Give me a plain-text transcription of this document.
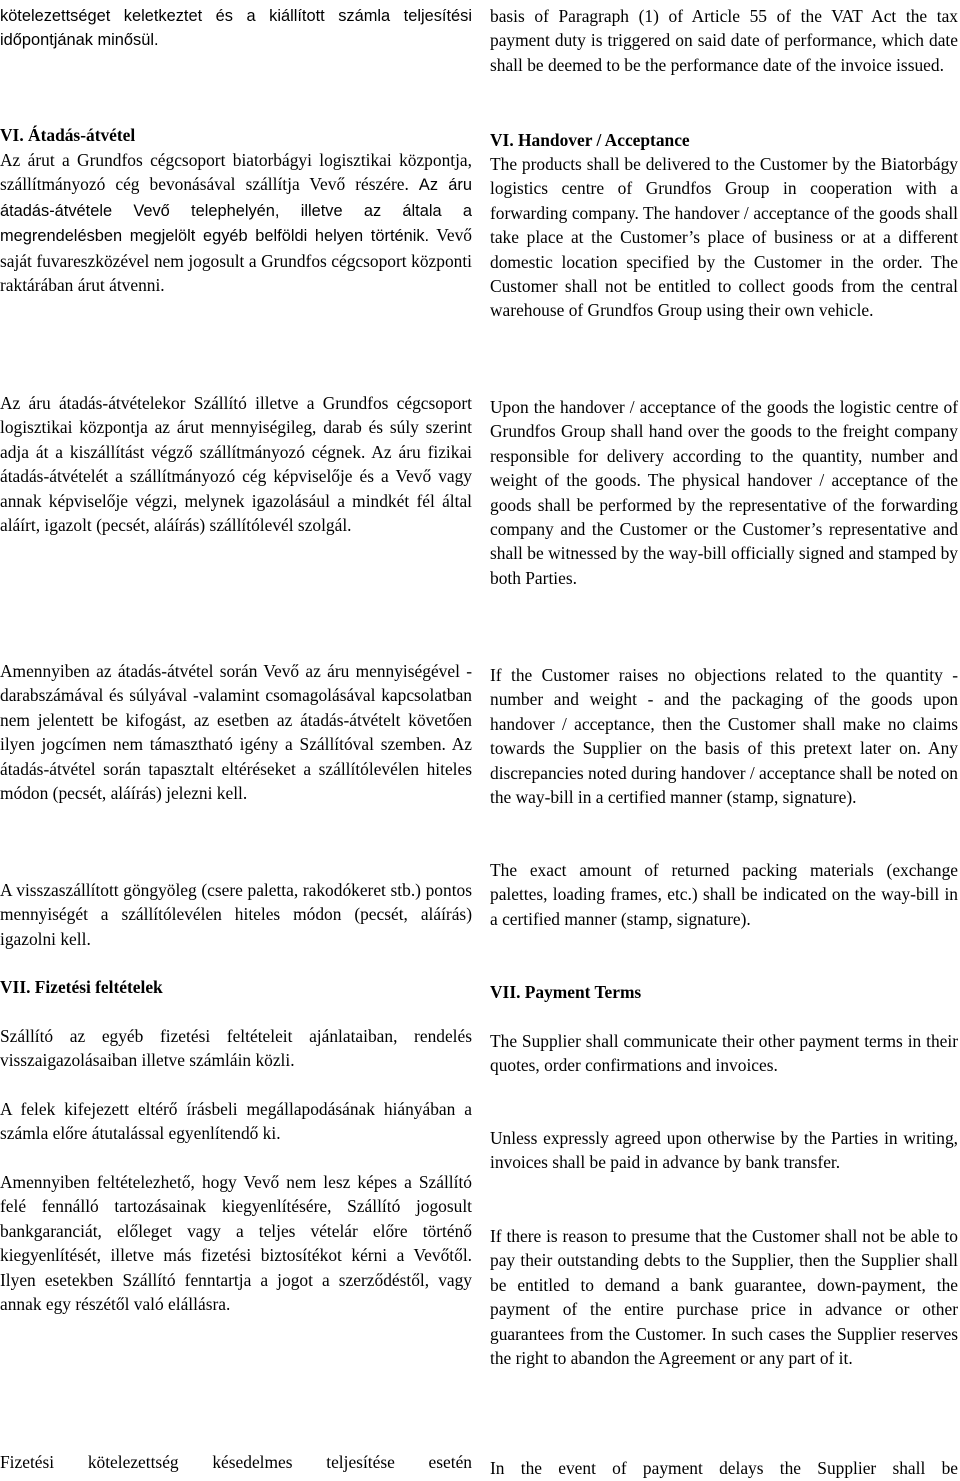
kötelezettséget keletkeztet és a kiállított számla teljesítési időpontjának minősül.

VI. Átadás-átvétel

Az árut a Grundfos cégcsoport biatorbágyi logisztikai központja, szállítmányozó cég bevonásával szállítja Vevő részére. Az áru átadás-átvétele Vevő telephelyén, illetve az általa a megrendelésben megjelölt egyéb belföldi helyen történik. Vevő saját fuvareszközével nem jogosult a Grundfos cégcsoport központi raktárában árut átvenni.

Az áru átadás-átvételekor Szállító illetve a Grundfos cégcsoport logisztikai központja az árut mennyiségileg, darab és súly szerint adja át a kiszállítást végző szállítmányozó cégnek. Az áru fizikai átadás-átvételét a szállítmányozó cég képviselője és a Vevő vagy annak képviselője végzi, melynek igazolásául a mindkét fél által aláírt, igazolt (pecsét, aláírás) szállítólevél szolgál.

Amennyiben az átadás-átvétel során Vevő az áru mennyiségével - darabszámával és súlyával -valamint csomagolásával kapcsolatban nem jelentett be kifogást, az esetben az átadás-átvételt követően ilyen jogcímen nem támasztható igény a Szállítóval szemben. Az átadás-átvétel során tapasztalt eltéréseket a szállítólevélen hiteles módon (pecsét, aláírás) jelezni kell.

A visszaszállított göngyöleg (csere paletta, rakodókeret stb.) pontos mennyiségét a szállítólevélen hiteles módon (pecsét, aláírás) igazolni kell.

VII. Fizetési feltételek

Szállító az egyéb fizetési feltételeit ajánlataiban, rendelés visszaigazolásaiban illetve számláin közli.

A felek kifejezett eltérő írásbeli megállapodásának hiányában a számla előre átutalással egyenlítendő ki.

Amennyiben feltételezhető, hogy Vevő nem lesz képes a Szállító felé fennálló tartozásainak kiegyenlítésére, Szállító jogosult bankgaranciát, előleget vagy a teljes vételár előre történő kiegyenlítését, illetve más fizetési biztosítékot kérni a Vevőtől. Ilyen esetekben Szállító fenntartja a jogot a szerződéstől, vagy annak egy részétől való elállásra.

Fizetési kötelezettség késedelmes teljesítése esetén

basis of Paragraph (1) of Article 55 of the VAT Act the tax payment duty is triggered on said date of performance, which date shall be deemed to be the performance date of the invoice issued.

VI. Handover / Acceptance

The products shall be delivered to the Customer by the Biatorbágy logistics centre of Grundfos Group in cooperation with a forwarding company. The handover / acceptance of the goods shall take place at the Customer’s place of business or at a different domestic location specified by the Customer in the order. The Customer shall not be entitled to collect goods from the central warehouse of Grundfos Group using their own vehicle.

Upon the handover / acceptance of the goods the logistic centre of Grundfos Group shall hand over the goods to the freight company responsible for delivery according to the quantity, number and weight of the goods. The physical handover / acceptance of the goods shall be performed by the representative of the forwarding company and the Customer or the Customer’s representative and shall be witnessed by the way-bill officially signed and stamped by both Parties.

If the Customer raises no objections related to the quantity - number and weight - and the packaging of the goods upon handover / acceptance, then the Customer shall make no claims towards the Supplier on the basis of this pretext later on. Any discrepancies noted during handover / acceptance shall be noted on the way-bill in a certified manner (stamp, signature).

The exact amount of returned packing materials (exchange palettes, loading frames, etc.) shall be indicated on the way-bill in a certified manner (stamp, signature).

VII. Payment Terms

The Supplier shall communicate their other payment terms in their quotes, order confirmations and invoices.

Unless expressly agreed upon otherwise by the Parties in writing, invoices shall be paid in advance by bank transfer.

If there is reason to presume that the Customer shall not be able to pay their outstanding debts to the Supplier, then the Supplier shall be entitled to demand a bank guarantee, down-payment, the payment of the entire purchase price in advance or other guarantees from the Customer. In such cases the Supplier reserves the right to abandon the Agreement or any part of it.

In the event of payment delays the Supplier shall be
